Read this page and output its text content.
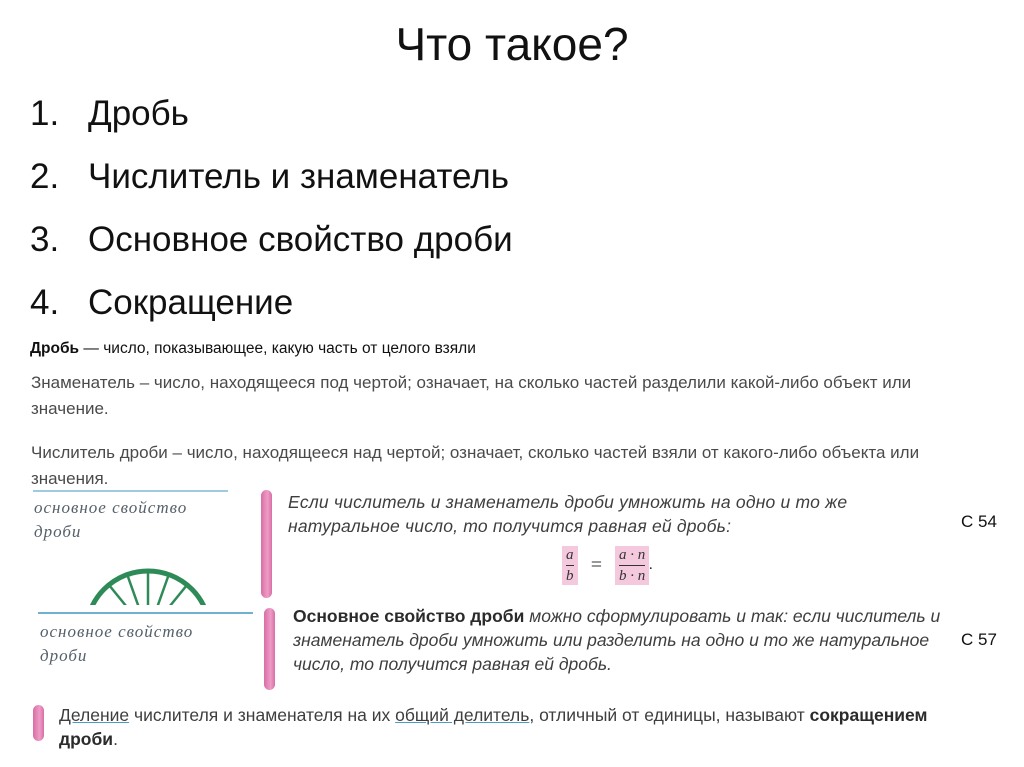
Что такое?
1. Дробь
2. Числитель и знаменатель
3. Основное свойство дроби
4. Сокращение
Дробь — число, показывающее, какую часть от целого взяли
Знаменатель – число, находящееся под чертой; означает, на сколько частей разделили какой-либо объект или значение.
Числитель дроби – число, находящееся над чертой; означает, сколько частей взяли от какого-либо объекта или значения.
основное свойство
дроби
Если числитель и знаменатель дроби умножить на одно и то же натуральное число, то получится равная ей дробь:
$\frac{a}{b} = \frac{a \cdot n}{b \cdot n}$ .
С 54
основное свойство
дроби
Основное свойство дроби можно сформулировать и так: если числитель и знаменатель дроби умножить или разделить на одно и то же натуральное число, то получится равная ей дробь.
С 57
Деление числителя и знаменателя на их общий делитель, отличный от единицы, называют сокращением дроби.
